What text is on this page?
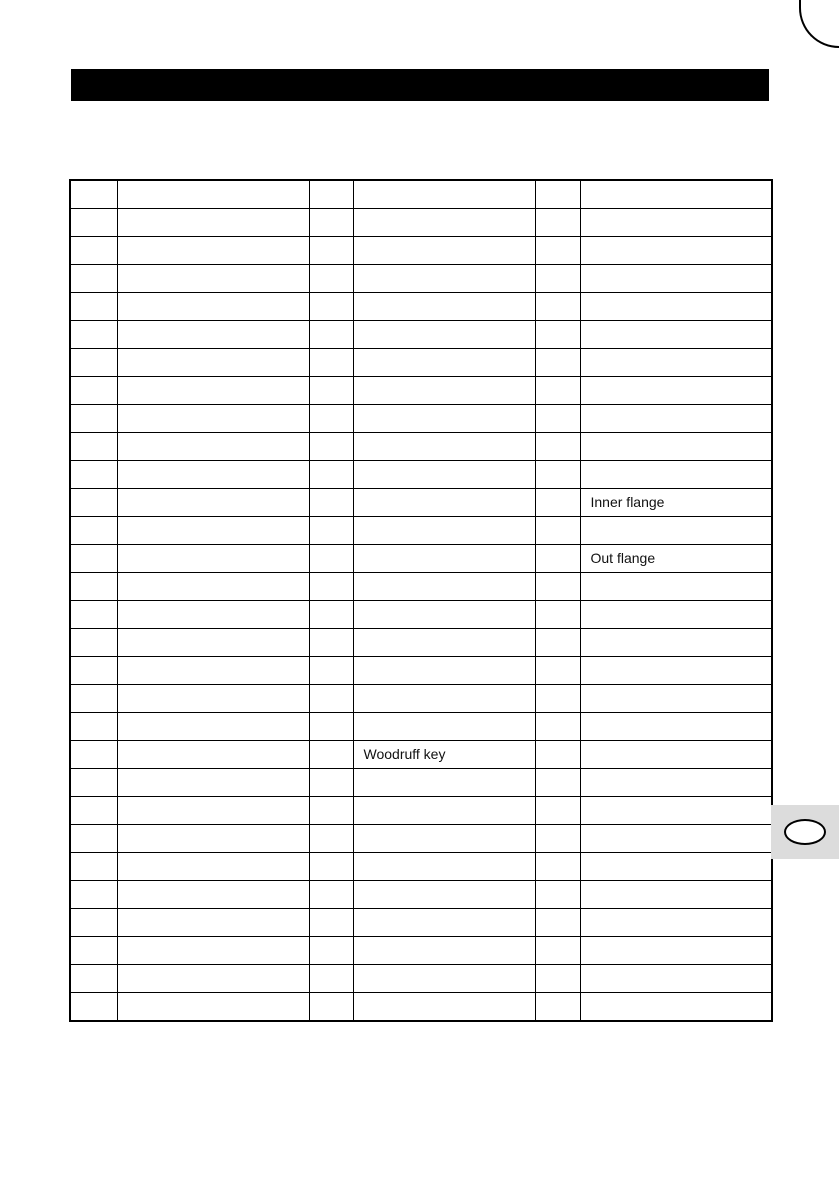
					Inner flange

					Out flange

			Woodruff key		
